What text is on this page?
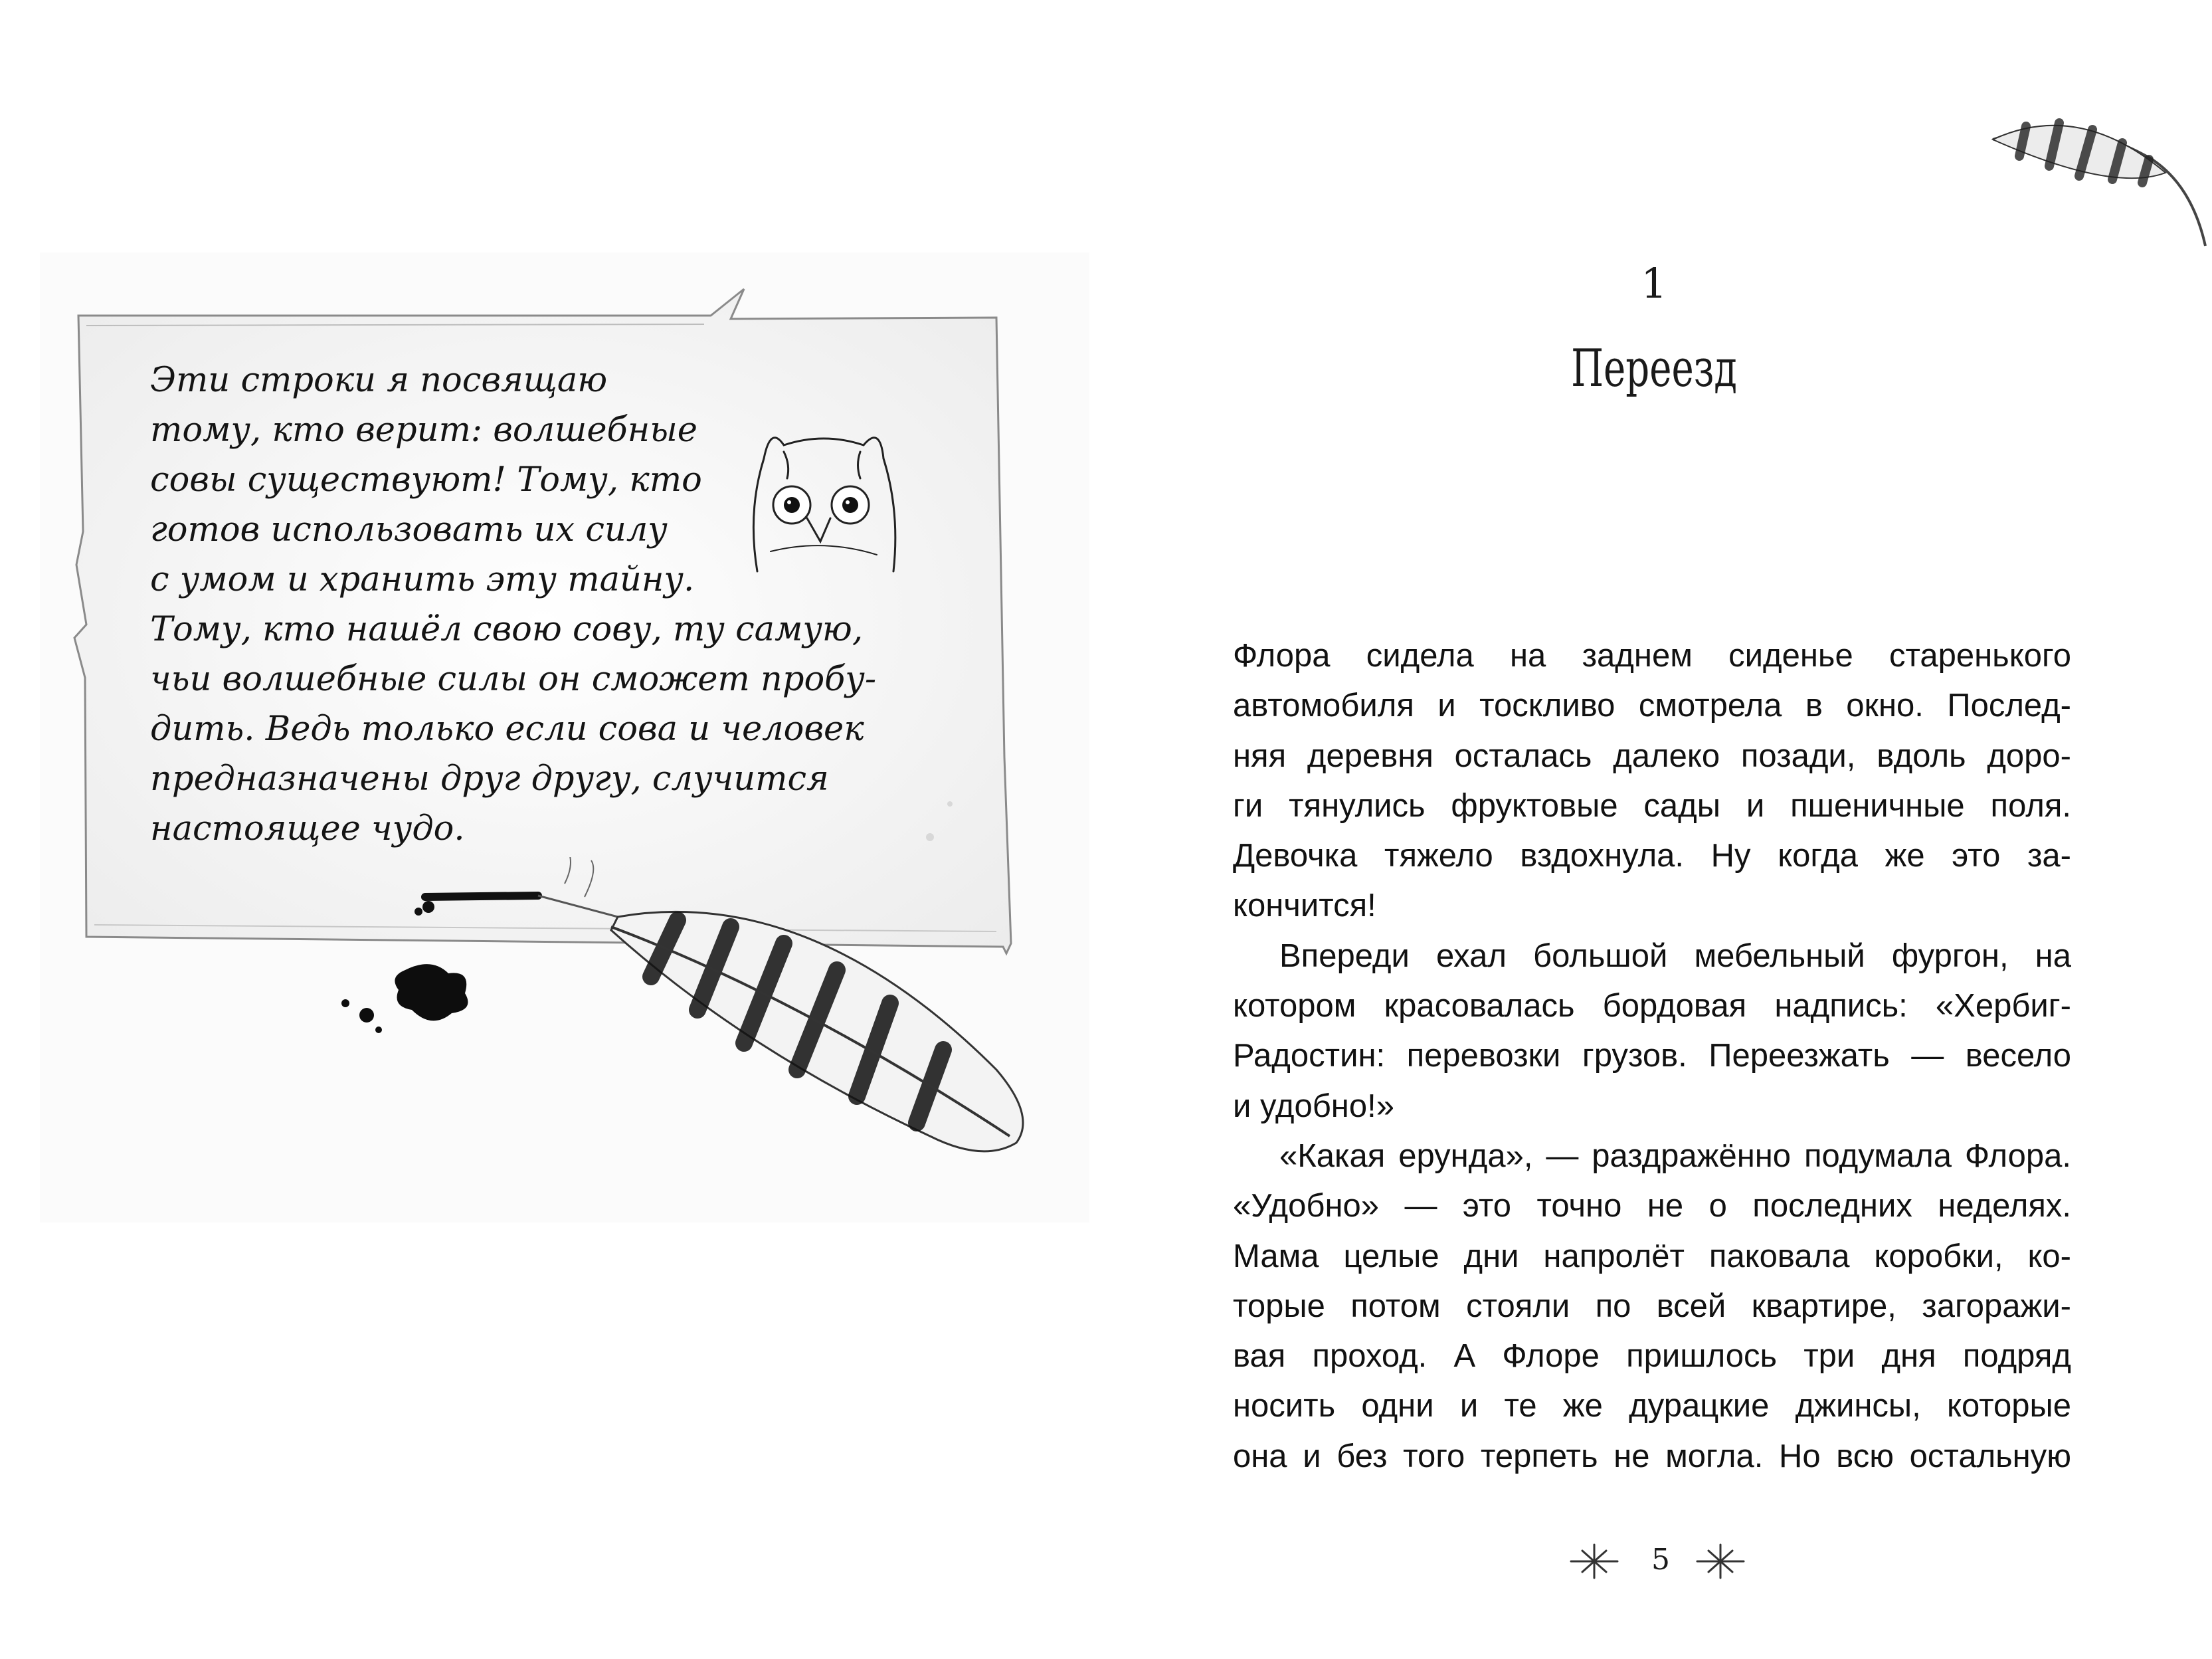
Эти строки я посвящаю
тому, кто верит: волшебные
совы существуют! Тому, кто
готов использовать их силу
с умом и хранить эту тайну.
Тому, кто нашёл свою сову, ту самую,
чьи волшебные силы он сможет пробу-
дить. Ведь только если сова и человек
предназначены друг другу, случится
настоящее чудо.
1
Переезд
Флора сидела на заднем сиденье старенького
автомобиля и тоскливо смотрела в окно. Послед-
няя деревня осталась далеко позади, вдоль доро-
ги тянулись фруктовые сады и пшеничные поля.
Девочка тяжело вздохнула. Ну когда же это за-
кончится!
Впереди ехал большой мебельный фургон, на
котором красовалась бордовая надпись: «Хербиг-
Радостин: перевозки грузов. Переезжать — весело
и удобно!»
«Какая ерунда», — раздражённо подумала Флора.
«Удобно» — это точно не о последних неделях.
Мама целые дни напролёт паковала коробки, ко-
торые потом стояли по всей квартире, загоражи-
вая проход. А Флоре пришлось три дня подряд
носить одни и те же дурацкие джинсы, которые
она и без того терпеть не могла. Но всю остальную
5
